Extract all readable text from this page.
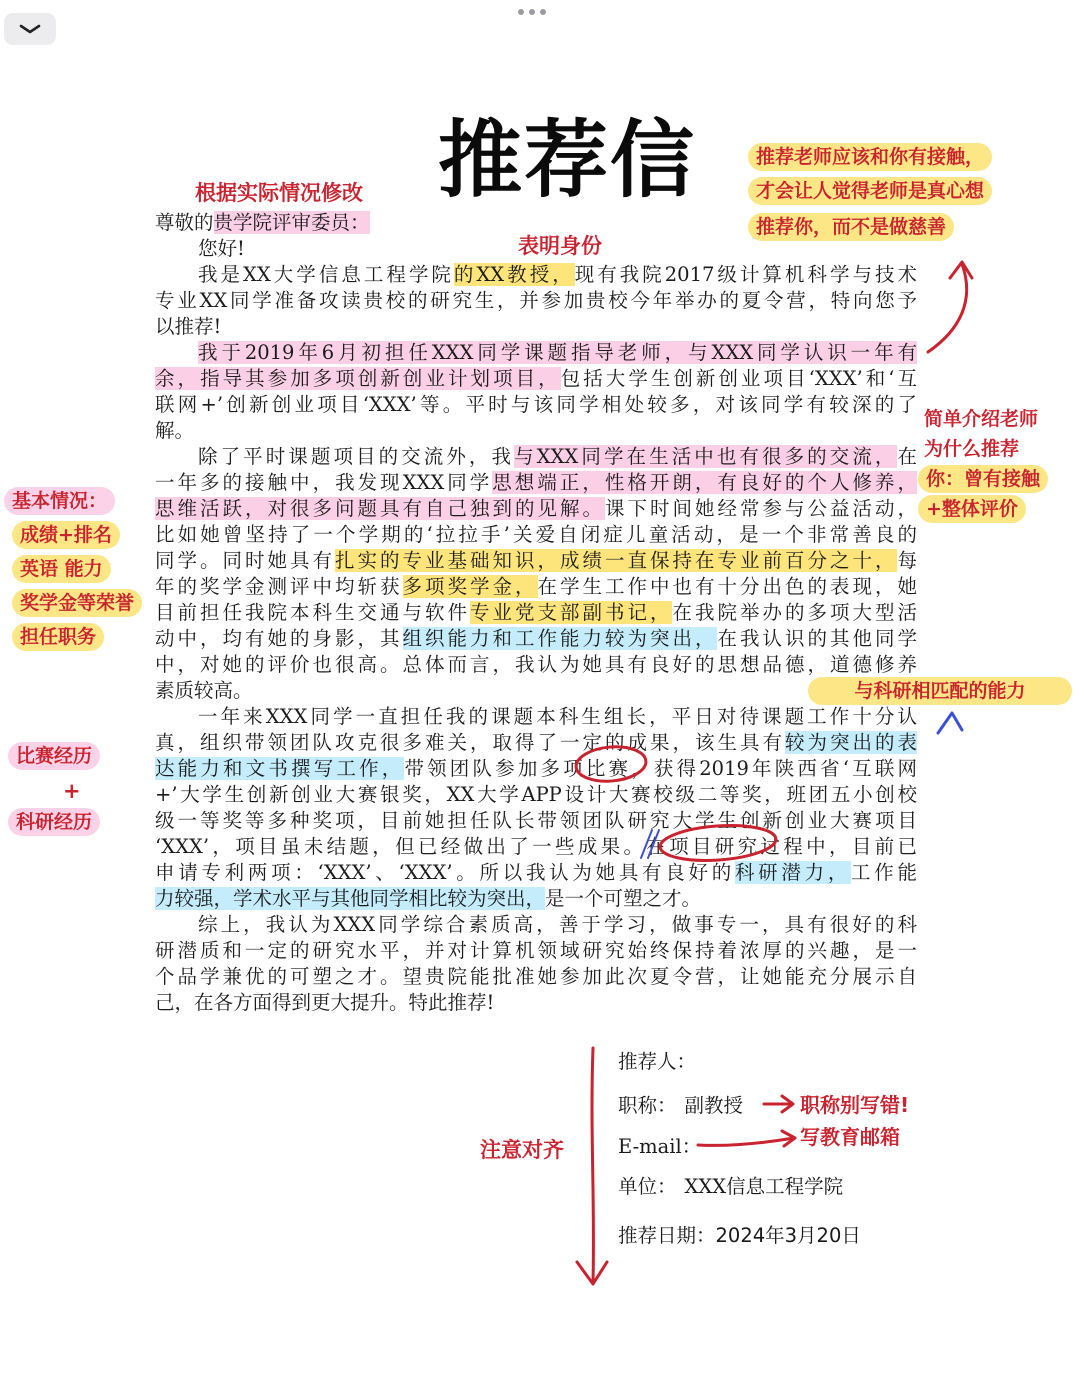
推荐信
根据实际情况修改
表明身份
注意对齐
推荐老师应该和你有接触，
才会让人觉得老师是真心想
推荐你，而不是做慈善
简单介绍老师
为什么推荐
你：曾有接触
+整体评价
与科研相匹配的能力
基本情况：
成绩+排名
英语 能力
奖学金等荣誉
担任职务
比赛经历
+
科研经历
尊敬的贵学院评审委员：
您好!
我是XX大学信息工程学院的XX教授，现有我院2017级计算机科学与技术
专业XX同学准备攻读贵校的研究生，并参加贵校今年举办的夏令营，特向您予
以推荐!
我于2019年6月初担任XXX同学课题指导老师，与XXX同学认识一年有
余，指导其参加多项创新创业计划项目，包括大学生创新创业项目‘XXX’和‘互
联网+’创新创业项目‘XXX’等。平时与该同学相处较多，对该同学有较深的了
解。
除了平时课题项目的交流外，我与XXX同学在生活中也有很多的交流，在
一年多的接触中，我发现XXX同学思想端正，性格开朗，有良好的个人修养，
思维活跃，对很多问题具有自己独到的见解。课下时间她经常参与公益活动，
比如她曾坚持了一个学期的‘拉拉手’关爱自闭症儿童活动，是一个非常善良的
同学。同时她具有扎实的专业基础知识，成绩一直保持在专业前百分之十，每
年的奖学金测评中均斩获多项奖学金，在学生工作中也有十分出色的表现，她
目前担任我院本科生交通与软件专业党支部副书记，在我院举办的多项大型活
动中，均有她的身影，其组织能力和工作能力较为突出，在我认识的其他同学
中，对她的评价也很高。总体而言，我认为她具有良好的思想品德，道德修养
素质较高。
一年来XXX同学一直担任我的课题本科生组长，平日对待课题工作十分认
真，组织带领团队攻克很多难关，取得了一定的成果，该生具有较为突出的表
达能力和文书撰写工作，带领团队参加多项比赛，获得2019年陕西省‘互联网
+’大学生创新创业大赛银奖，XX大学APP设计大赛校级二等奖，班团五小创校
级一等奖等多种奖项，目前她担任队长带领团队研究大学生创新创业大赛项目
‘XXX’，项目虽未结题，但已经做出了一些成果。在项目研究过程中，目前已
申请专利两项：‘XXX’、‘XXX’。所以我认为她具有良好的科研潜力，工作能
力较强，学术水平与其他同学相比较为突出，是一个可塑之才。
综上，我认为XXX同学综合素质高，善于学习，做事专一，具有很好的科
研潜质和一定的研究水平，并对计算机领域研究始终保持着浓厚的兴趣，是一
个品学兼优的可塑之才。望贵院能批准她参加此次夏令营，让她能充分展示自
己，在各方面得到更大提升。特此推荐!
推荐人：
职称： 副教授
E-mail：
单位： XXX信息工程学院
推荐日期：2024年3月20日
职称别写错!
写教育邮箱
